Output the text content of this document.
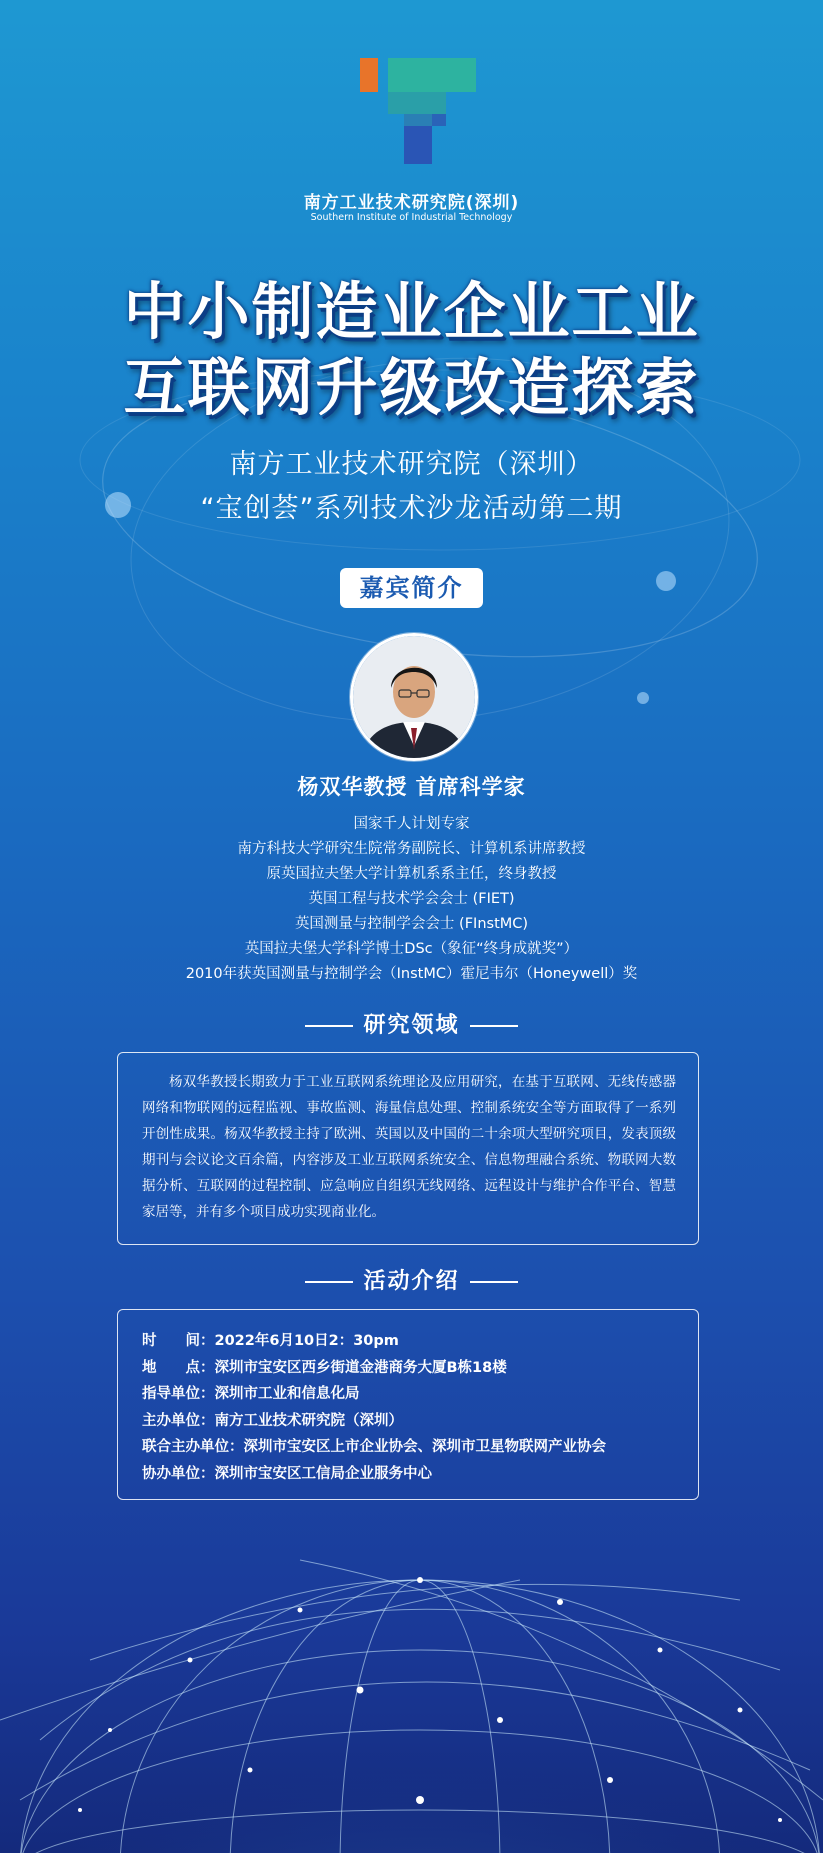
南方工业技术研究院(深圳)
Southern Institute of Industrial Technology
中小制造业企业工业
互联网升级改造探索
南方工业技术研究院（深圳）
“宝创荟”系列技术沙龙活动第二期
嘉宾简介
杨双华教授 首席科学家
国家千人计划专家
南方科技大学研究生院常务副院长、计算机系讲席教授
原英国拉夫堡大学计算机系系主任，终身教授
英国工程与技术学会会士 (FIET)
英国测量与控制学会会士 (FInstMC)
英国拉夫堡大学科学博士DSc（象征“终身成就奖”）
2010年获英国测量与控制学会（InstMC）霍尼韦尔（Honeywell）奖
研究领域

杨双华教授长期致力于工业互联网系统理论及应用研究，在基于互联网、无线传感器网络和物联网的远程监视、事故监测、海量信息处理、控制系统安全等方面取得了一系列开创性成果。杨双华教授主持了欧洲、英国以及中国的二十余项大型研究项目，发表顶级期刊与会议论文百余篇，内容涉及工业互联网系统安全、信息物理融合系统、物联网大数据分析、互联网的过程控制、应急响应自组织无线网络、远程设计与维护合作平台、智慧家居等，并有多个项目成功实现商业化。

活动介绍
时　　间：2022年6月10日2：30pm
地　　点：深圳市宝安区西乡街道金港商务大厦B栋18楼
指导单位：深圳市工业和信息化局
主办单位：南方工业技术研究院（深圳）
联合主办单位：深圳市宝安区上市企业协会、深圳市卫星物联网产业协会
协办单位：深圳市宝安区工信局企业服务中心
